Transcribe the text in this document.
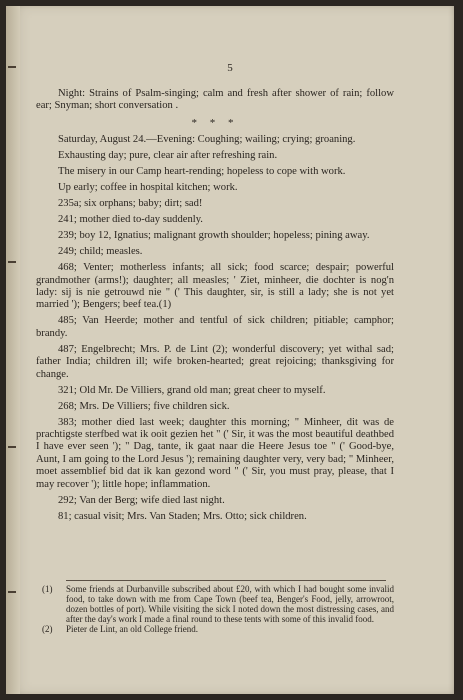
5

Night: Strains of Psalm-singing; calm and fresh after shower of rain; follow ear; Snyman; short conversation .

* * *

Saturday, August 24.—Evening: Coughing; wailing; crying; groaning.

Exhausting day; pure, clear air after refreshing rain.

The misery in our Camp heart-rending; hopeless to cope with work.

Up early; coffee in hospital kitchen; work.

235a; six orphans; baby; dirt; sad!

241; mother died to-day suddenly.

239; boy 12, Ignatius; malignant growth shoulder; hopeless; pining away.

249; child; measles.

468; Venter; motherless infants; all sick; food scarce; despair; powerful grandmother (arms!); daughter; all measles; ' Ziet, minheer, die dochter is nog'n lady: sij is nie getrouwd nie " (' This daughter, sir, is still a lady; she is not yet married '); Bengers; beef tea.(1)

485; Van Heerde; mother and tentful of sick children; pitiable; camphor; brandy.

487; Engelbrecht; Mrs. P. de Lint (2); wonderful discovery; yet withal sad; father India; children ill; wife broken-hearted; great rejoicing; thanksgiving for change.

321; Old Mr. De Villiers, grand old man; great cheer to myself.

268; Mrs. De Villiers; five children sick.

383; mother died last week; daughter this morning; " Minheer, dit was de prachtigste sterfbed wat ik ooit gezien het " (' Sir, it was the most beautiful deathbed I have ever seen '); " Dag, tante, ik gaat naar die Heere Jesus toe " (' Good-bye, Aunt, I am going to the Lord Jesus '); remaining daughter very, very bad; " Minheer, moet assemblief bid dat ik kan gezond word " (' Sir, you must pray, please, that I may recover '); little hope; inflammation.

292; Van der Berg; wife died last night.

81; casual visit; Mrs. Van Staden; Mrs. Otto; sick children.

(1)	Some friends at Durbanville subscribed about £20, with which I had bought some invalid food, to take down with me from Cape Town (beef tea, Benger's Food, jelly, arrowroot, dozen bottles of port). While visiting the sick I noted down the most distressing cases, and after the day's work I made a final round to these tents with some of this invalid food.
(2)	Pieter de Lint, an old College friend.
